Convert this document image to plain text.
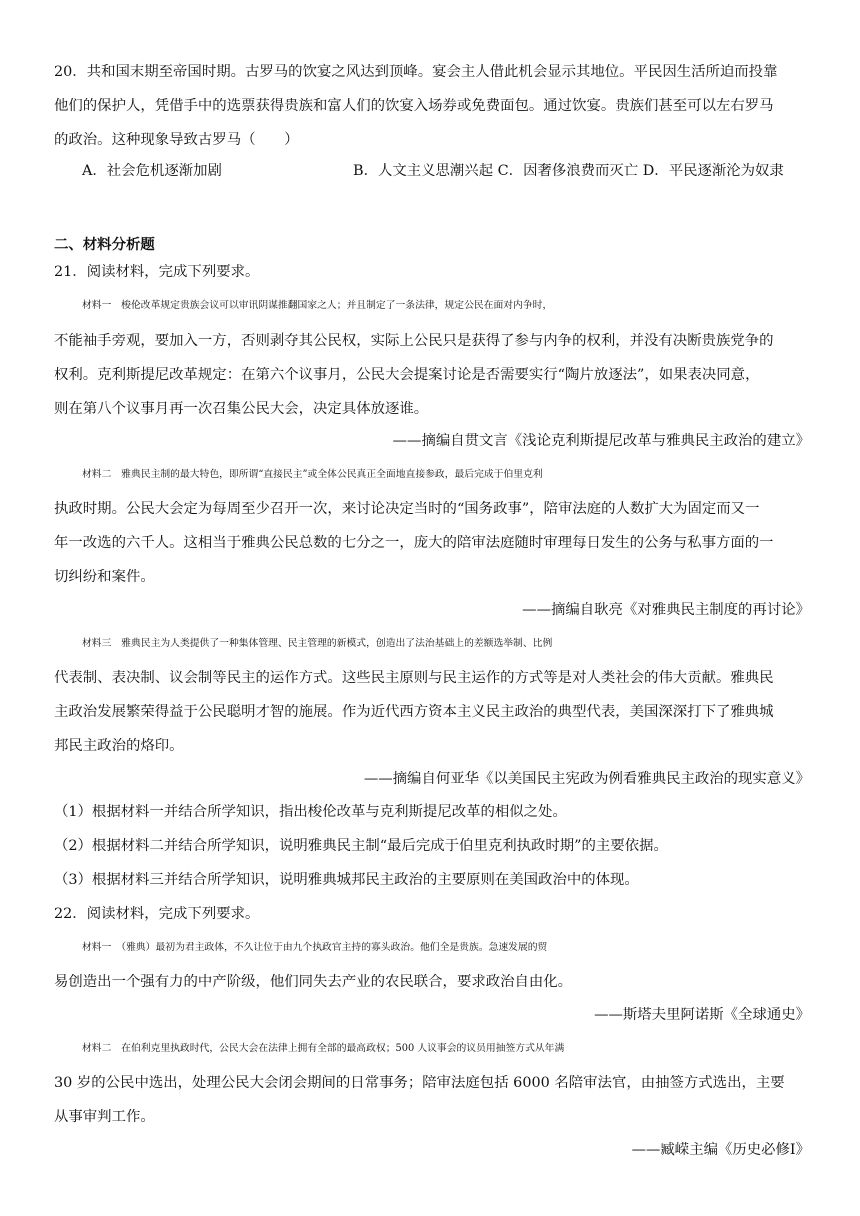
20．共和国末期至帝国时期。古罗马的饮宴之风达到顶峰。宴会主人借此机会显示其地位。平民因生活所迫而投靠
他们的保护人，凭借手中的选票获得贵族和富人们的饮宴入场券或免费面包。通过饮宴。贵族们甚至可以左右罗马
的政治。这种现象导致古罗马（　　）
A．社会危机逐渐加剧	B．人文主义思潮兴起 C．因奢侈浪费而灭亡 D．平民逐渐沦为奴隶
二、材料分析题
21．阅读材料，完成下列要求。
材料一　梭伦改革规定贵族会议可以审讯阴谋推翻国家之人；并且制定了一条法律，规定公民在面对内争时，
不能袖手旁观，要加入一方，否则剥夺其公民权，实际上公民只是获得了参与内争的权利，并没有决断贵族党争的
权利。克利斯提尼改革规定：在第六个议事月，公民大会提案讨论是否需要实行“陶片放逐法”，如果表决同意，
则在第八个议事月再一次召集公民大会，决定具体放逐谁。
——摘编自贯文言《浅论克利斯提尼改革与雅典民主政治的建立》
材料二　雅典民主制的最大特色，即所谓“直接民主”或全体公民真正全面地直接参政，最后完成于伯里克利
执政时期。公民大会定为每周至少召开一次，来讨论决定当时的“国务政事”，陪审法庭的人数扩大为固定而又一
年一改选的六千人。这相当于雅典公民总数的七分之一，庞大的陪审法庭随时审理每日发生的公务与私事方面的一
切纠纷和案件。
——摘编自耿亮《对雅典民主制度的再讨论》
材料三　雅典民主为人类提供了一种集体管理、民主管理的新模式，创造出了法治基础上的差额选举制、比例
代表制、表决制、议会制等民主的运作方式。这些民主原则与民主运作的方式等是对人类社会的伟大贡献。雅典民
主政治发展繁荣得益于公民聪明才智的施展。作为近代西方资本主义民主政治的典型代表，美国深深打下了雅典城
邦民主政治的烙印。
——摘编自何亚华《以美国民主宪政为例看雅典民主政治的现实意义》
（1）根据材料一并结合所学知识，指出梭伦改革与克利斯提尼改革的相似之处。
（2）根据材料二并结合所学知识，说明雅典民主制“最后完成于伯里克利执政时期”的主要依据。
（3）根据材料三并结合所学知识，说明雅典城邦民主政治的主要原则在美国政治中的体现。
22．阅读材料，完成下列要求。
材料一　（雅典）最初为君主政体，不久让位于由九个执政官主持的寡头政治。他们全是贵族。急速发展的贸
易创造出一个强有力的中产阶级，他们同失去产业的农民联合，要求政治自由化。
——斯塔夫里阿诺斯《全球通史》
材料二　在伯利克里执政时代，公民大会在法律上拥有全部的最高政权；500 人议事会的议员用抽签方式从年满
30 岁的公民中选出，处理公民大会闭会期间的日常事务；陪审法庭包括 6000 名陪审法官，由抽签方式选出，主要
从事审判工作。
——臧嵘主编《历史必修Ⅰ》
